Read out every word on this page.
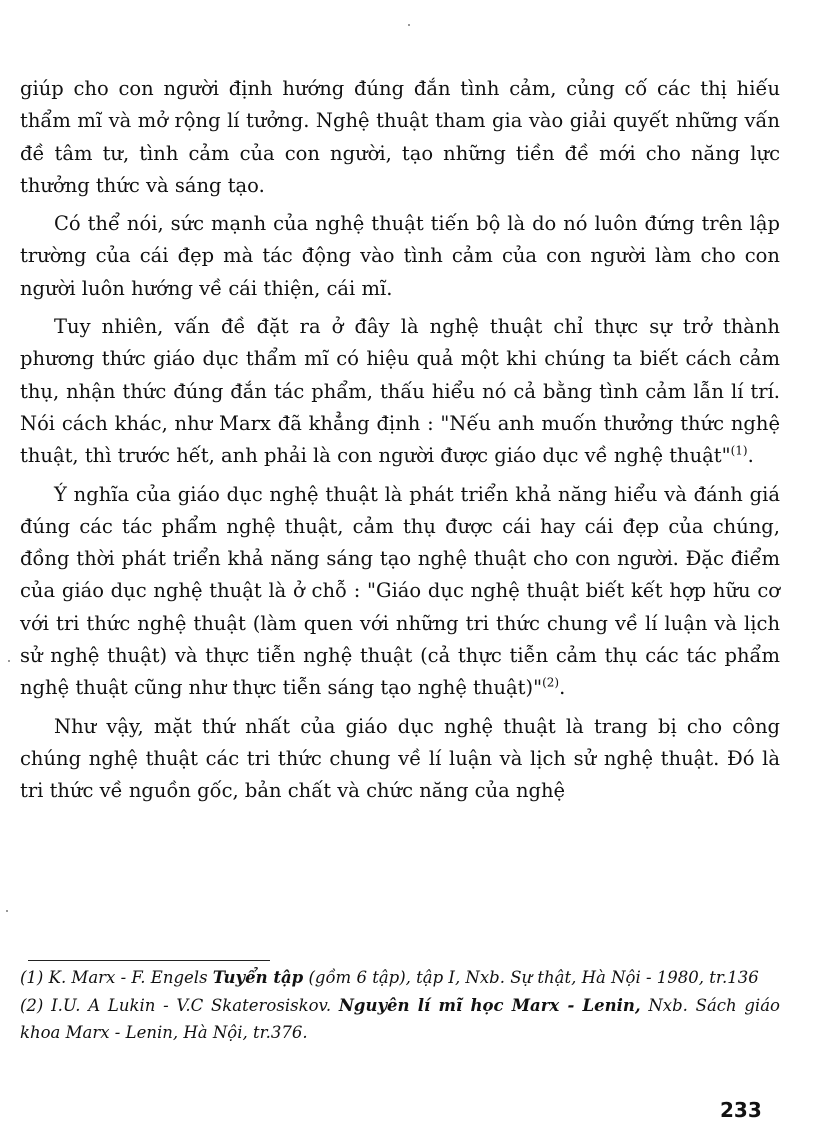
giúp cho con người định hướng đúng đắn tình cảm, củng cố các thị hiếu thẩm mĩ và mở rộng lí tưởng. Nghệ thuật tham gia vào giải quyết những vấn đề tâm tư, tình cảm của con người, tạo những tiền đề mới cho năng lực thưởng thức và sáng tạo.

Có thể nói, sức mạnh của nghệ thuật tiến bộ là do nó luôn đứng trên lập trường của cái đẹp mà tác động vào tình cảm của con người làm cho con người luôn hướng về cái thiện, cái mĩ.

Tuy nhiên, vấn đề đặt ra ở đây là nghệ thuật chỉ thực sự trở thành phương thức giáo dục thẩm mĩ có hiệu quả một khi chúng ta biết cách cảm thụ, nhận thức đúng đắn tác phẩm, thấu hiểu nó cả bằng tình cảm lẫn lí trí. Nói cách khác, như Marx đã khẳng định : "Nếu anh muốn thưởng thức nghệ thuật, thì trước hết, anh phải là con người được giáo dục về nghệ thuật"$^{(1)}$.

Ý nghĩa của giáo dục nghệ thuật là phát triển khả năng hiểu và đánh giá đúng các tác phẩm nghệ thuật, cảm thụ được cái hay cái đẹp của chúng, đồng thời phát triển khả năng sáng tạo nghệ thuật cho con người. Đặc điểm của giáo dục nghệ thuật là ở chỗ : "Giáo dục nghệ thuật biết kết hợp hữu cơ với tri thức nghệ thuật (làm quen với những tri thức chung về lí luận và lịch sử nghệ thuật) và thực tiễn nghệ thuật (cả thực tiễn cảm thụ các tác phẩm nghệ thuật cũng như thực tiễn sáng tạo nghệ thuật)"$^{(2)}$.

Như vậy, mặt thứ nhất của giáo dục nghệ thuật là trang bị cho công chúng nghệ thuật các tri thức chung về lí luận và lịch sử nghệ thuật. Đó là tri thức về nguồn gốc, bản chất và chức năng của nghệ

(1) K. Marx - F. Engels Tuyển tập (gồm 6 tập), tập I, Nxb. Sự thật, Hà Nội - 1980, tr.136

(2) I.U. A Lukin - V.C Skaterosiskov. Nguyên lí mĩ học Marx - Lenin, Nxb. Sách giáo khoa Marx - Lenin, Hà Nội, tr.376.

233
